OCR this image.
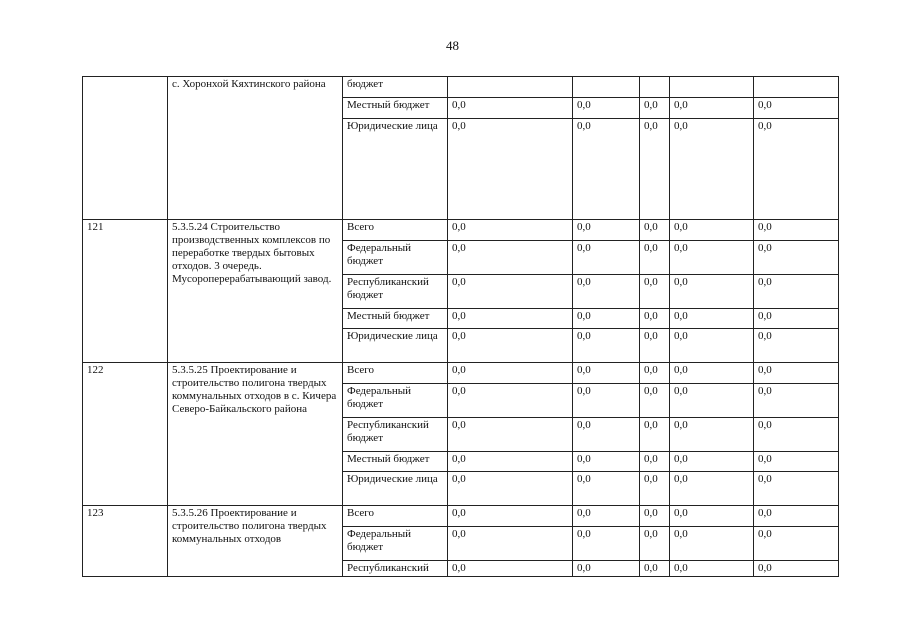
48
	с. Хоронхой Кяхтинского района	бюджет					
		Местный бюджет	0,0	0,0	0,0	0,0	0,0
		Юридические лица	0,0	0,0	0,0	0,0	0,0
121	5.3.5.24 Строительство производственных комплексов по переработке твердых бытовых отходов. 3 очередь. Мусороперерабатывающий завод.	Всего	0,0	0,0	0,0	0,0	0,0
		Федеральный бюджет	0,0	0,0	0,0	0,0	0,0
		Республиканский бюджет	0,0	0,0	0,0	0,0	0,0
		Местный бюджет	0,0	0,0	0,0	0,0	0,0
		Юридические лица	0,0	0,0	0,0	0,0	0,0
122	5.3.5.25 Проектирование и строительство полигона твердых коммунальных отходов в с. Кичера Северо-Байкальского района	Всего	0,0	0,0	0,0	0,0	0,0
		Федеральный бюджет	0,0	0,0	0,0	0,0	0,0
		Республиканский бюджет	0,0	0,0	0,0	0,0	0,0
		Местный бюджет	0,0	0,0	0,0	0,0	0,0
		Юридические лица	0,0	0,0	0,0	0,0	0,0
123	5.3.5.26 Проектирование и строительство полигона твердых коммунальных отходов	Всего	0,0	0,0	0,0	0,0	0,0
		Федеральный бюджет	0,0	0,0	0,0	0,0	0,0
		Республиканский	0,0	0,0	0,0	0,0	0,0
